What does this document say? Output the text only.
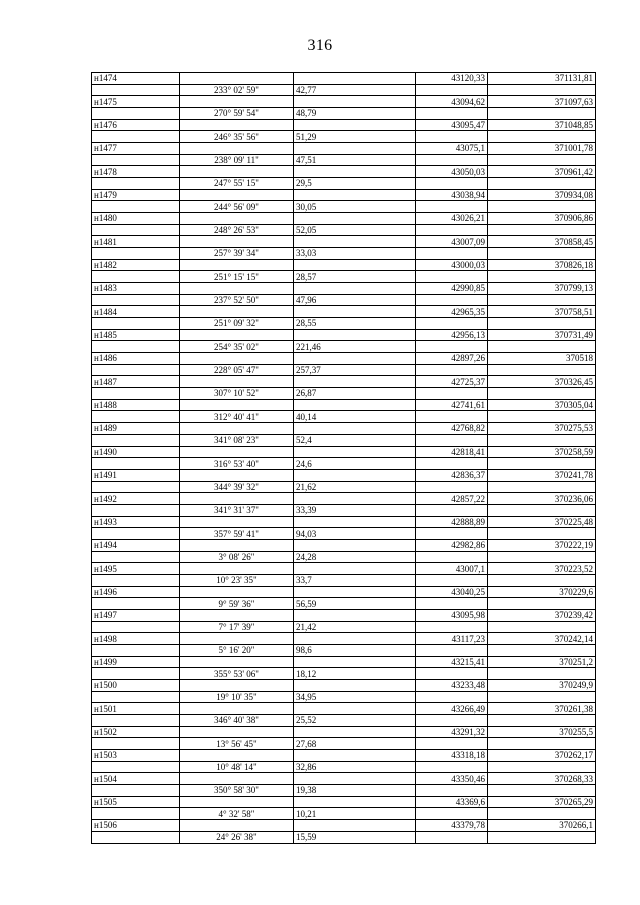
316
н1474			43120,33	371131,81
	233° 02' 59"	42,77		
н1475			43094,62	371097,63
	270° 59' 54"	48,79		
н1476			43095,47	371048,85
	246° 35' 56"	51,29		
н1477			43075,1	371001,78
	238° 09' 11"	47,51		
н1478			43050,03	370961,42
	247° 55' 15"	29,5		
н1479			43038,94	370934,08
	244° 56' 09"	30,05		
н1480			43026,21	370906,86
	248° 26' 53"	52,05		
н1481			43007,09	370858,45
	257° 39' 34"	33,03		
н1482			43000,03	370826,18
	251° 15' 15"	28,57		
н1483			42990,85	370799,13
	237° 52' 50"	47,96		
н1484			42965,35	370758,51
	251° 09' 32"	28,55		
н1485			42956,13	370731,49
	254° 35' 02"	221,46		
н1486			42897,26	370518
	228° 05' 47"	257,37		
н1487			42725,37	370326,45
	307° 10' 52"	26,87		
н1488			42741,61	370305,04
	312° 40' 41"	40,14		
н1489			42768,82	370275,53
	341° 08' 23"	52,4		
н1490			42818,41	370258,59
	316° 53' 40"	24,6		
н1491			42836,37	370241,78
	344° 39' 32"	21,62		
н1492			42857,22	370236,06
	341° 31' 37"	33,39		
н1493			42888,89	370225,48
	357° 59' 41"	94,03		
н1494			42982,86	370222,19
	3° 08' 26"	24,28		
н1495			43007,1	370223,52
	10° 23' 35"	33,7		
н1496			43040,25	370229,6
	9° 59' 36"	56,59		
н1497			43095,98	370239,42
	7° 17' 39"	21,42		
н1498			43117,23	370242,14
	5° 16' 20"	98,6		
н1499			43215,41	370251,2
	355° 53' 06"	18,12		
н1500			43233,48	370249,9
	19° 10' 35"	34,95		
н1501			43266,49	370261,38
	346° 40' 38"	25,52		
н1502			43291,32	370255,5
	13° 56' 45"	27,68		
н1503			43318,18	370262,17
	10° 48' 14"	32,86		
н1504			43350,46	370268,33
	350° 58' 30"	19,38		
н1505			43369,6	370265,29
	4° 32' 58"	10,21		
н1506			43379,78	370266,1
	24° 26' 38"	15,59		
